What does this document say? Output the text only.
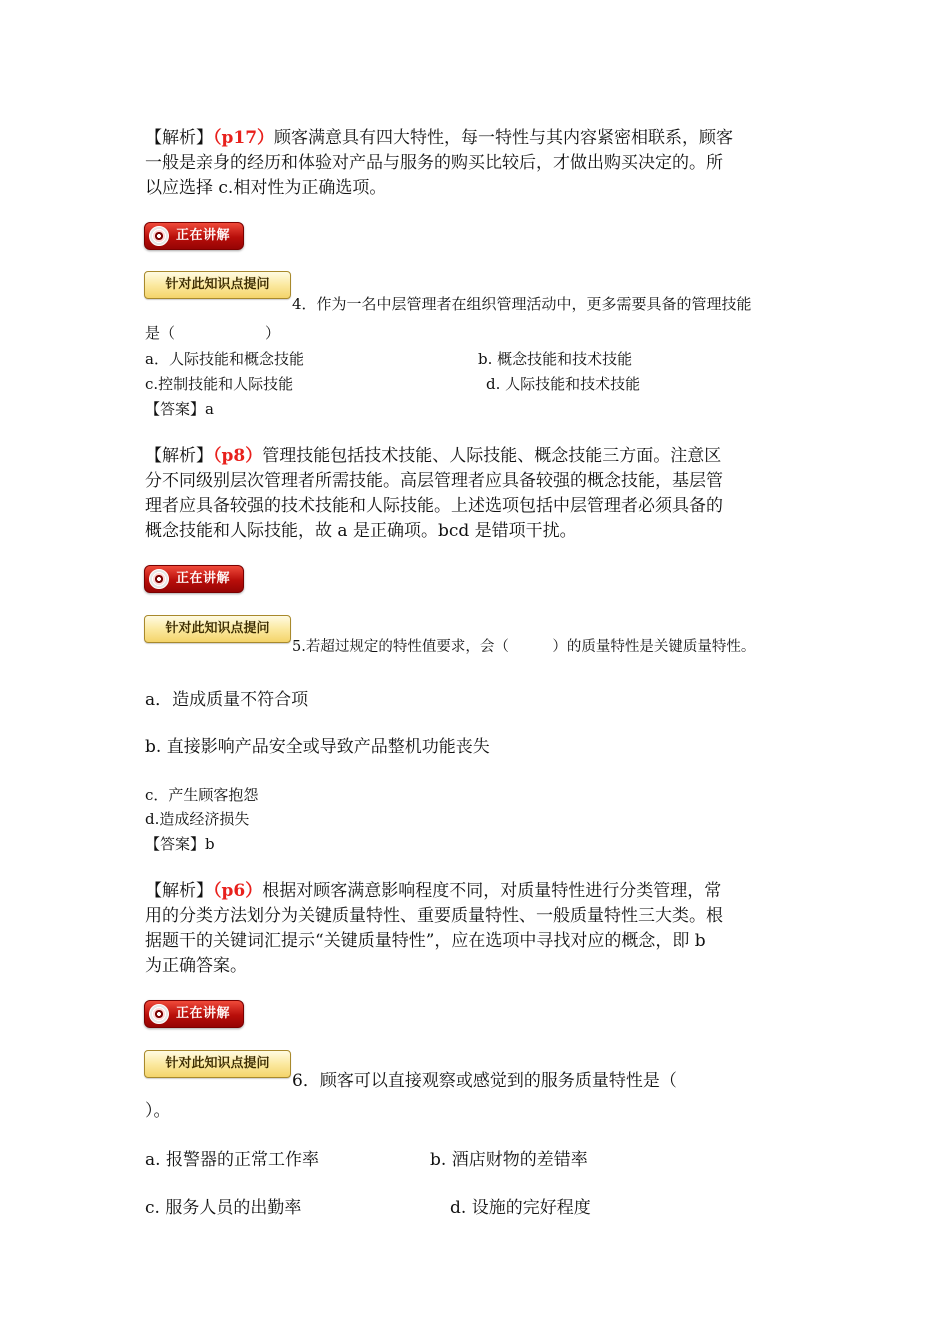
【解析】（p17）顾客满意具有四大特性，每一特性与其内容紧密相联系，顾客
一般是亲身的经历和体验对产品与服务的购买比较后，才做出购买决定的。所
以应选择 c.相对性为正确选项。
正在讲解
针对此知识点提问
4．作为一名中层管理者在组织管理活动中，更多需要具备的管理技能
是（　　　　　　）
a．人际技能和概念技能	b. 概念技能和技术技能
c.控制技能和人际技能	d. 人际技能和技术技能
【答案】a
【解析】（p8）管理技能包括技术技能、人际技能、概念技能三方面。注意区
分不同级别层次管理者所需技能。高层管理者应具备较强的概念技能，基层管
理者应具备较强的技术技能和人际技能。上述选项包括中层管理者必须具备的
概念技能和人际技能，故 a 是正确项。bcd 是错项干扰。
正在讲解
针对此知识点提问
5.若超过规定的特性值要求，会（　　　）的质量特性是关键质量特性。
a．造成质量不符合项
b. 直接影响产品安全或导致产品整机功能丧失
c．产生顾客抱怨
d.造成经济损失
【答案】b
【解析】（p6）根据对顾客满意影响程度不同，对质量特性进行分类管理，常
用的分类方法划分为关键质量特性、重要质量特性、一般质量特性三大类。根
据题干的关键词汇提示“关键质量特性”，应在选项中寻找对应的概念，即 b
为正确答案。
正在讲解
针对此知识点提问
6．顾客可以直接观察或感觉到的服务质量特性是（
）。
a. 报警器的正常工作率	b. 酒店财物的差错率
c. 服务人员的出勤率	d. 设施的完好程度
